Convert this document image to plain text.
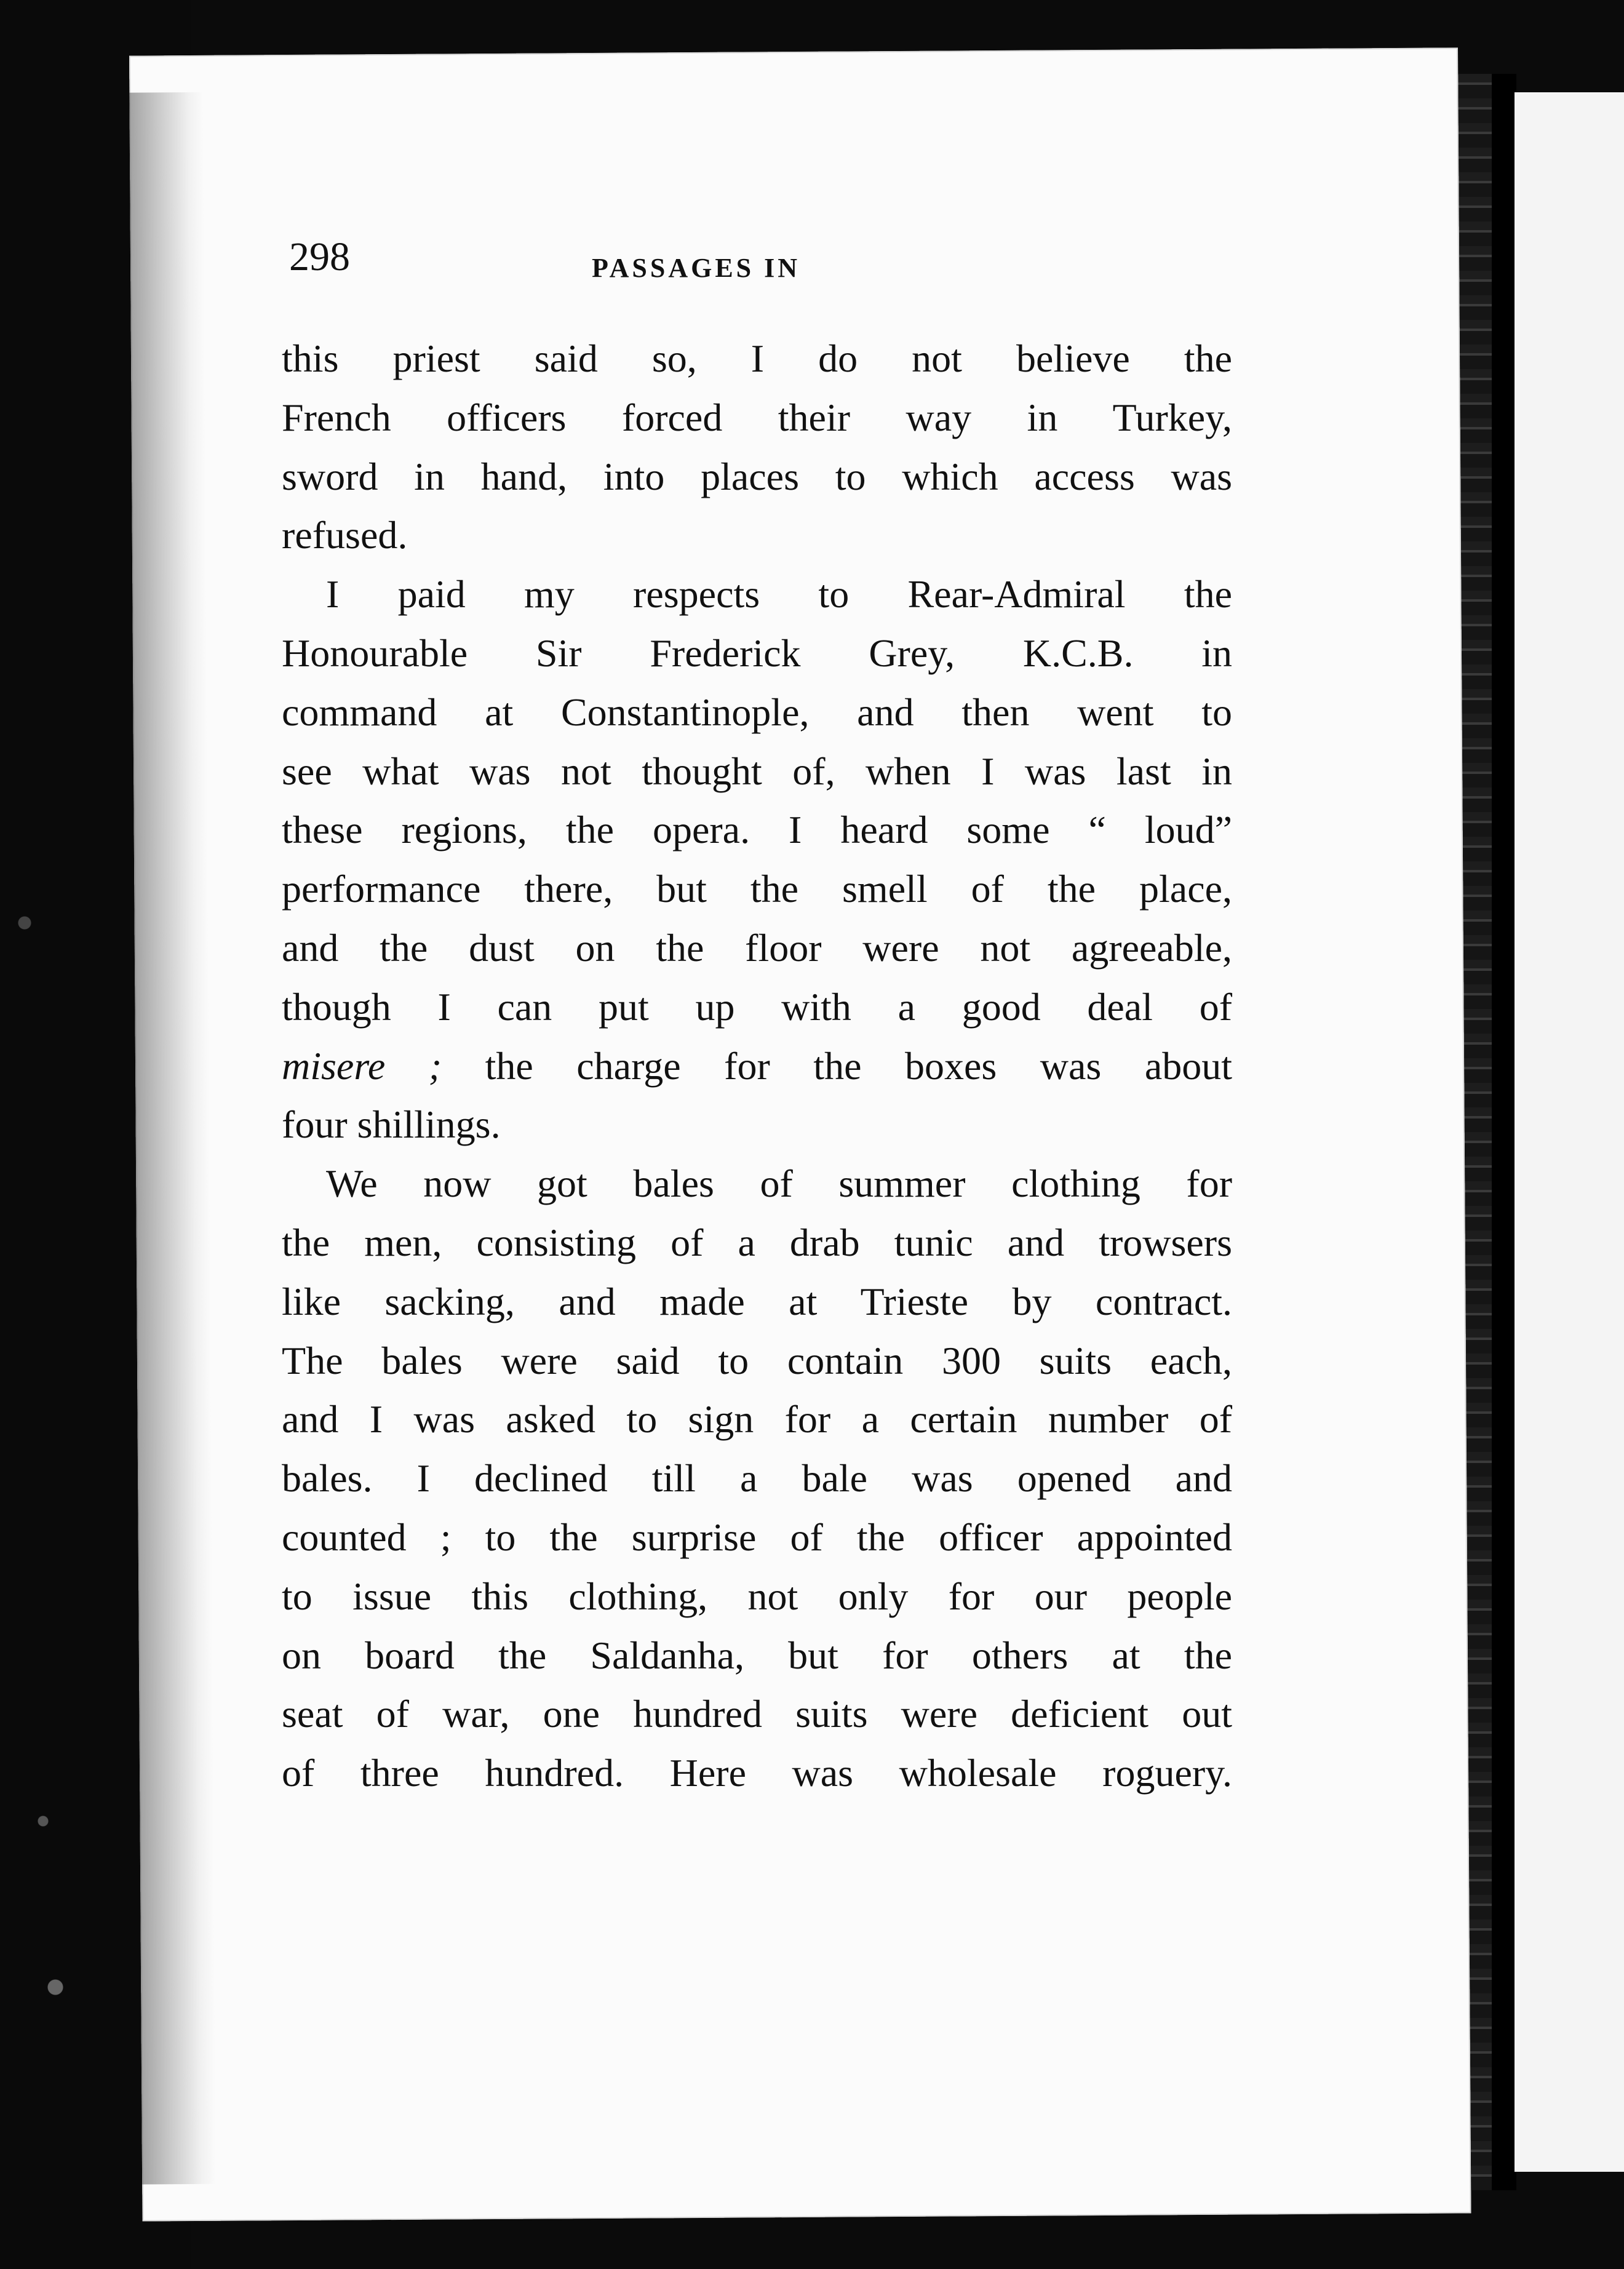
298	PASSAGES IN
this priest said so, I do not believe the
French officers forced their way in Turkey,
sword in hand, into places to which access was
refused.
I paid my respects to Rear-Admiral the
Honourable Sir Frederick Grey, K.C.B. in
command at Constantinople, and then went to
see what was not thought of, when I was last in
these regions, the opera. I heard some “ loud”
performance there, but the smell of the place,
and the dust on the floor were not agreeable,
though I can put up with a good deal of
misere ; the charge for the boxes was about
four shillings.
We now got bales of summer clothing for
the men, consisting of a drab tunic and trowsers
like sacking, and made at Trieste by contract.
The bales were said to contain 300 suits each,
and I was asked to sign for a certain number of
bales. I declined till a bale was opened and
counted ; to the surprise of the officer appointed
to issue this clothing, not only for our people
on board the Saldanha, but for others at the
seat of war, one hundred suits were deficient out
of three hundred. Here was wholesale roguery.
